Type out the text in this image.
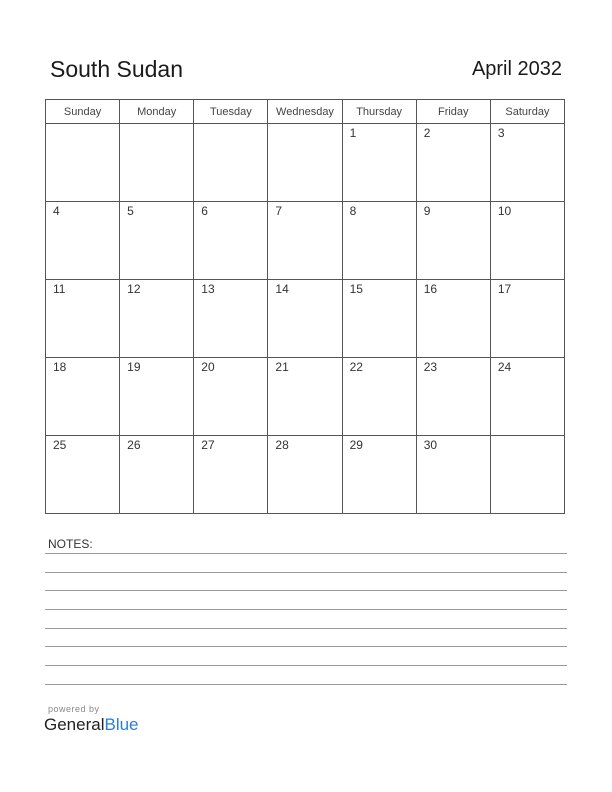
South Sudan	April 2032
Sunday	Monday	Tuesday	Wednesday	Thursday	Friday	Saturday
				1	2	3
4	5	6	7	8	9	10
11	12	13	14	15	16	17
18	19	20	21	22	23	24
25	26	27	28	29	30	
NOTES:
powered by
GeneralBlue
